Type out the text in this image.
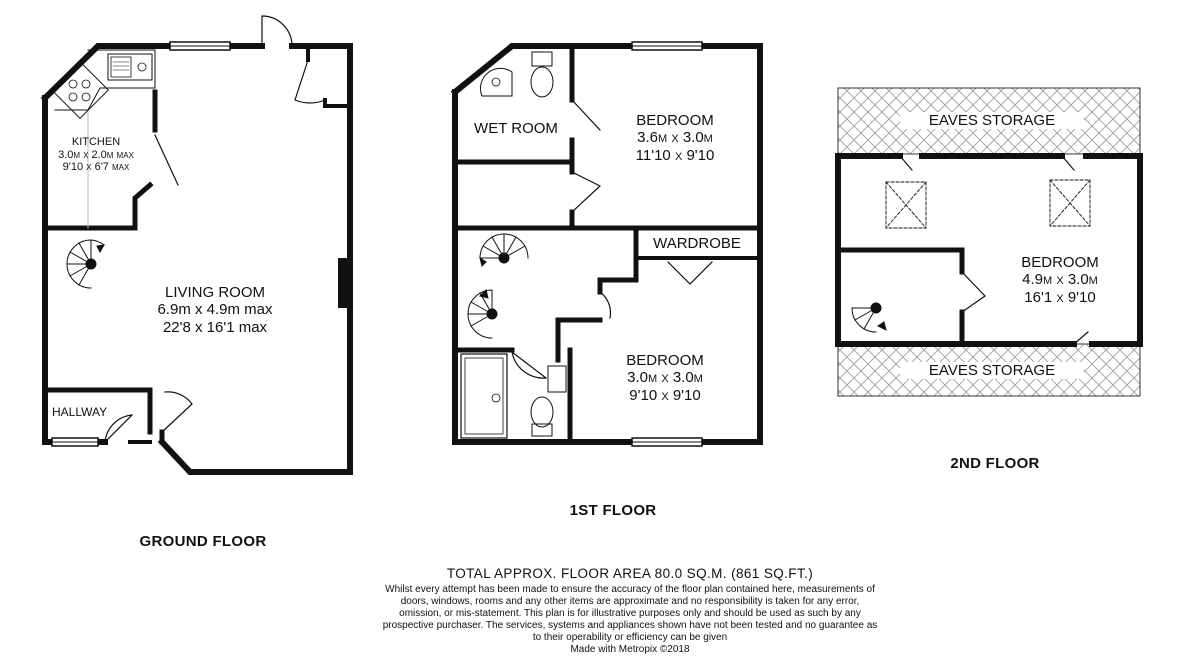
KITCHEN
3.0m x 2.0m max
9'10 x 6'7 max
LIVING ROOM
6.9m x 4.9m max
22'8 x 16'1 max
HALLWAY
GROUND FLOOR
WET ROOM	BEDROOM
3.6m x 3.0m
11'10 x 9'10
WARDROBE
BEDROOM
3.0m x 3.0m
9'10 x 9'10
1ST FLOOR
EAVES STORAGE
BEDROOM
4.9m x 3.0m
16'1 x 9'10
EAVES STORAGE
2ND FLOOR
TOTAL APPROX. FLOOR AREA 80.0 SQ.M. (861 SQ.FT.)
Whilst every attempt has been made to ensure the accuracy of the floor plan contained here, measurements of doors, windows, rooms and any other items are approximate and no responsibility is taken for any error, omission, or mis-statement. This plan is for illustrative purposes only and should be used as such by any prospective purchaser. The services, systems and appliances shown have not been tested and no guarantee as to their operability or efficiency can be given
Made with Metropix ©2018
